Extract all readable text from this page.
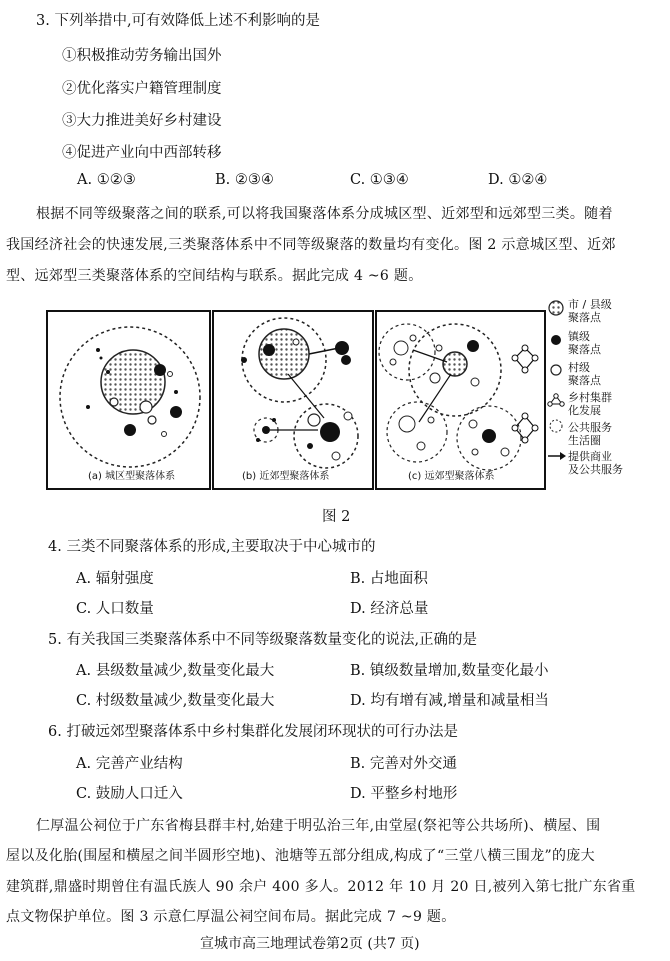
3. 下列举措中,可有效降低上述不利影响的是
①积极推动劳务输出国外
②优化落实户籍管理制度
③大力推进美好乡村建设
④促进产业向中西部转移
A. ①②③	B. ②③④	C. ①③④	D. ①②④
根据不同等级聚落之间的联系,可以将我国聚落体系分成城区型、近郊型和远郊型三类。随着
我国经济社会的快速发展,三类聚落体系中不同等级聚落的数量均有变化。图 2 示意城区型、近郊
型、远郊型三类聚落体系的空间结构与联系。据此完成 4 ~6 题。
(a) 城区型聚落体系	(b) 近郊型聚落体系	(c) 远郊型聚落体系
市 / 县级
聚落点
镇级
聚落点
村级
聚落点
乡村集群
化发展
公共服务
生活圈
提供商业
及公共服务
图 2
4. 三类不同聚落体系的形成,主要取决于中心城市的
A. 辐射强度	B. 占地面积
C. 人口数量	D. 经济总量
5. 有关我国三类聚落体系中不同等级聚落数量变化的说法,正确的是
A. 县级数量减少,数量变化最大	B. 镇级数量增加,数量变化最小
C. 村级数量减少,数量变化最大	D. 均有增有减,增量和减量相当
6. 打破远郊型聚落体系中乡村集群化发展闭环现状的可行办法是
A. 完善产业结构	B. 完善对外交通
C. 鼓励人口迁入	D. 平整乡村地形
仁厚温公祠位于广东省梅县群丰村,始建于明弘治三年,由堂屋(祭祀等公共场所)、横屋、围
屋以及化胎(围屋和横屋之间半圆形空地)、池塘等五部分组成,构成了“三堂八横三围龙”的庞大
建筑群,鼎盛时期曾住有温氏族人 90 余户 400 多人。2012 年 10 月 20 日,被列入第七批广东省重
点文物保护单位。图 3 示意仁厚温公祠空间布局。据此完成 7 ~9 题。
宣城市高三地理试卷第2页 (共7 页)
